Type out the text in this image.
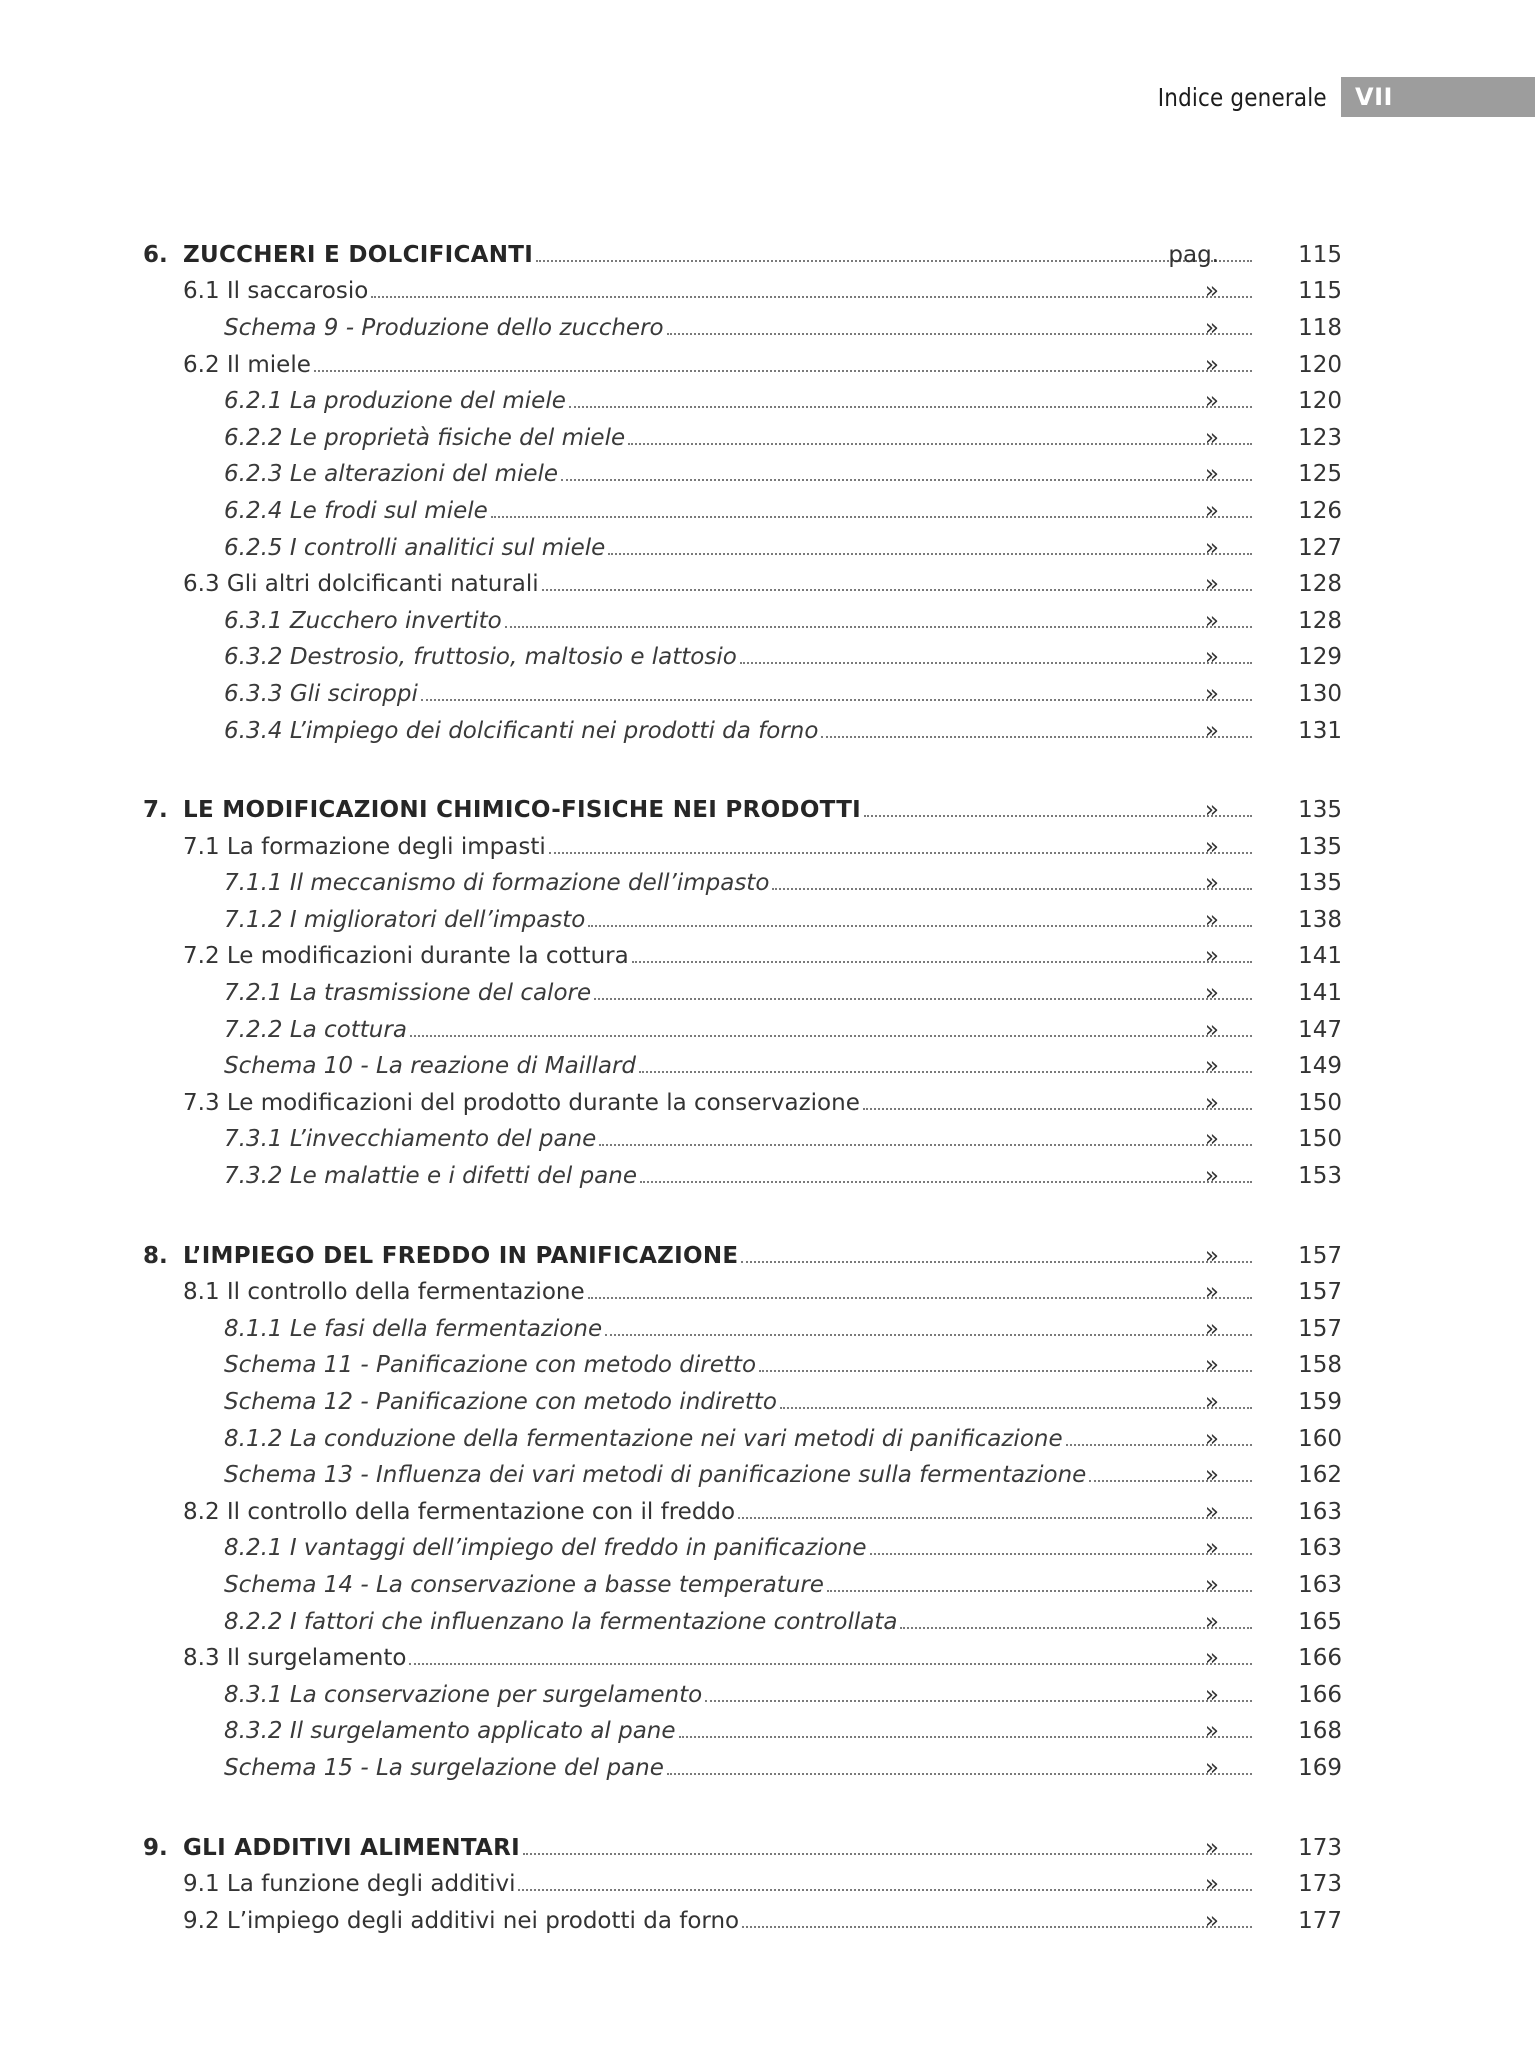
Indice generale	VII
6. ZUCCHERI E DOLCIFICANTI	pag.	115
6.1 Il saccarosio	»	115
Schema 9 - Produzione dello zucchero	»	118
6.2 Il miele	»	120
6.2.1 La produzione del miele	»	120
6.2.2 Le proprietà fisiche del miele	»	123
6.2.3 Le alterazioni del miele	»	125
6.2.4 Le frodi sul miele	»	126
6.2.5 I controlli analitici sul miele	»	127
6.3 Gli altri dolcificanti naturali	»	128
6.3.1 Zucchero invertito	»	128
6.3.2 Destrosio, fruttosio, maltosio e lattosio	»	129
6.3.3 Gli sciroppi	»	130
6.3.4 L’impiego dei dolcificanti nei prodotti da forno	»	131
7. LE MODIFICAZIONI CHIMICO-FISICHE NEI PRODOTTI	»	135
7.1 La formazione degli impasti	»	135
7.1.1 Il meccanismo di formazione dell’impasto	»	135
7.1.2 I miglioratori dell’impasto	»	138
7.2 Le modificazioni durante la cottura	»	141
7.2.1 La trasmissione del calore	»	141
7.2.2 La cottura	»	147
Schema 10 - La reazione di Maillard	»	149
7.3 Le modificazioni del prodotto durante la conservazione	»	150
7.3.1 L’invecchiamento del pane	»	150
7.3.2 Le malattie e i difetti del pane	»	153
8. L’IMPIEGO DEL FREDDO IN PANIFICAZIONE	»	157
8.1 Il controllo della fermentazione	»	157
8.1.1 Le fasi della fermentazione	»	157
Schema 11 - Panificazione con metodo diretto	»	158
Schema 12 - Panificazione con metodo indiretto	»	159
8.1.2 La conduzione della fermentazione nei vari metodi di panificazione	»	160
Schema 13 - Influenza dei vari metodi di panificazione sulla fermentazione	»	162
8.2 Il controllo della fermentazione con il freddo	»	163
8.2.1 I vantaggi dell’impiego del freddo in panificazione	»	163
Schema 14 - La conservazione a basse temperature	»	163
8.2.2 I fattori che influenzano la fermentazione controllata	»	165
8.3 Il surgelamento	»	166
8.3.1 La conservazione per surgelamento	»	166
8.3.2 Il surgelamento applicato al pane	»	168
Schema 15 - La surgelazione del pane	»	169
9. GLI ADDITIVI ALIMENTARI	»	173
9.1 La funzione degli additivi	»	173
9.2 L’impiego degli additivi nei prodotti da forno	»	177
